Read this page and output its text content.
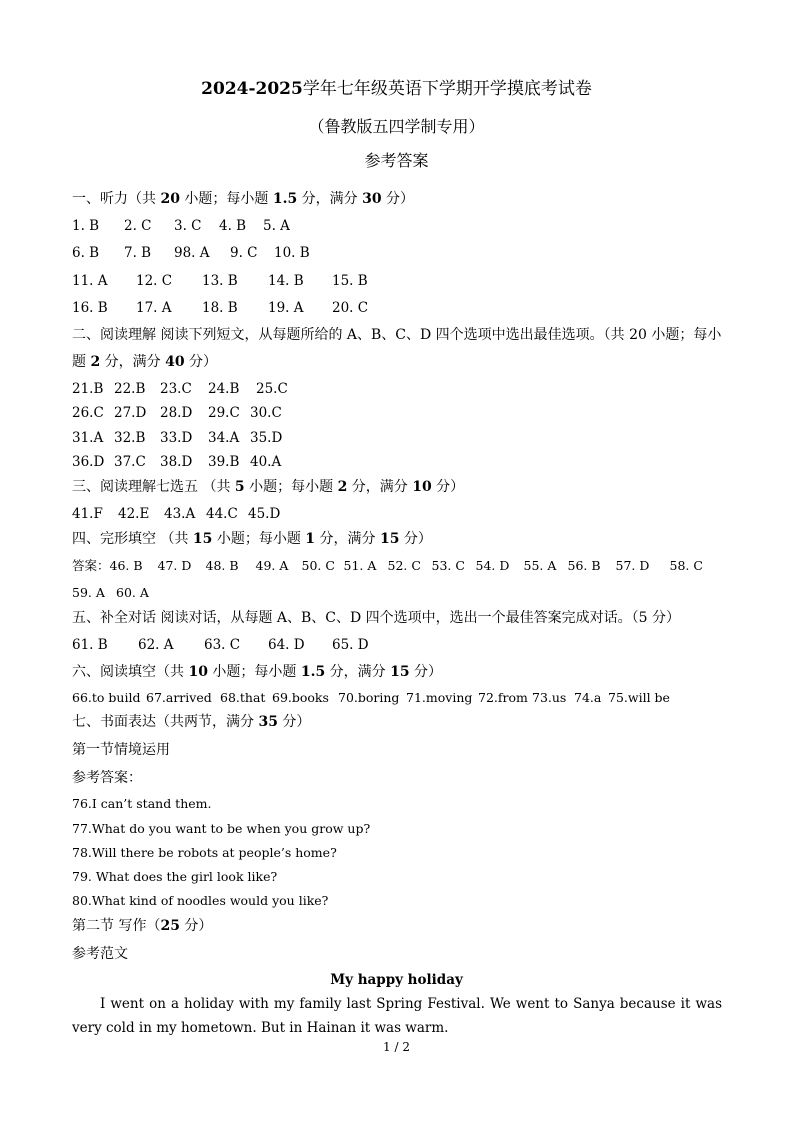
2024-2025学年七年级英语下学期开学摸底考试卷
（鲁教版五四学制专用）
参考答案
一、听力（共 20 小题；每小题 1.5 分，满分 30 分）
1. B 2. C 3. C 4. B 5. A
6. B 7. B 98. A 9. C 10. B
11. A 12. C 13. B 14. B 15. B
16. B 17. A 18. B 19. A 20. C
二、阅读理解 阅读下列短文，从每题所给的 A、B、C、D 四个选项中选出最佳选项。（共 20 小题；每小
题 2 分，满分 40 分）
21.B 22.B 23.C 24.B 25.C
26.C 27.D 28.D 29.C 30.C
31.A 32.B 33.D 34.A 35.D
36.D 37.C 38.D 39.B 40.A
三、阅读理解七选五 （共 5 小题；每小题 2 分，满分 10 分）
41.F 42.E 43.A 44.C 45.D
四、完形填空 （共 15 小题；每小题 1 分，满分 15 分）
答案：46. B 47. D 48. B 49. A 50. C 51. A 52. C 53. C 54. D 55. A 56. B 57. D 58. C
59. A 60. A
五、补全对话 阅读对话，从每题 A、B、C、D 四个选项中，选出一个最佳答案完成对话。（5 分）
61. B 62. A 63. C 64. D 65. D
六、阅读填空（共 10 小题；每小题 1.5 分，满分 15 分）
66.to build 67.arrived 68.that 69.books 70.boring 71.moving 72.from 73.us 74.a 75.will be
七、书面表达（共两节，满分 35 分）
第一节情境运用
参考答案：
76.I can’t stand them.
77.What do you want to be when you grow up?
78.Will there be robots at people’s home?
79. What does the girl look like?
80.What kind of noodles would you like?
第二节 写作（25 分）
参考范文
My happy holiday
I went on a holiday with my family last Spring Festival. We went to Sanya because it was very cold in my hometown. But in Hainan it was warm.
1 / 2
